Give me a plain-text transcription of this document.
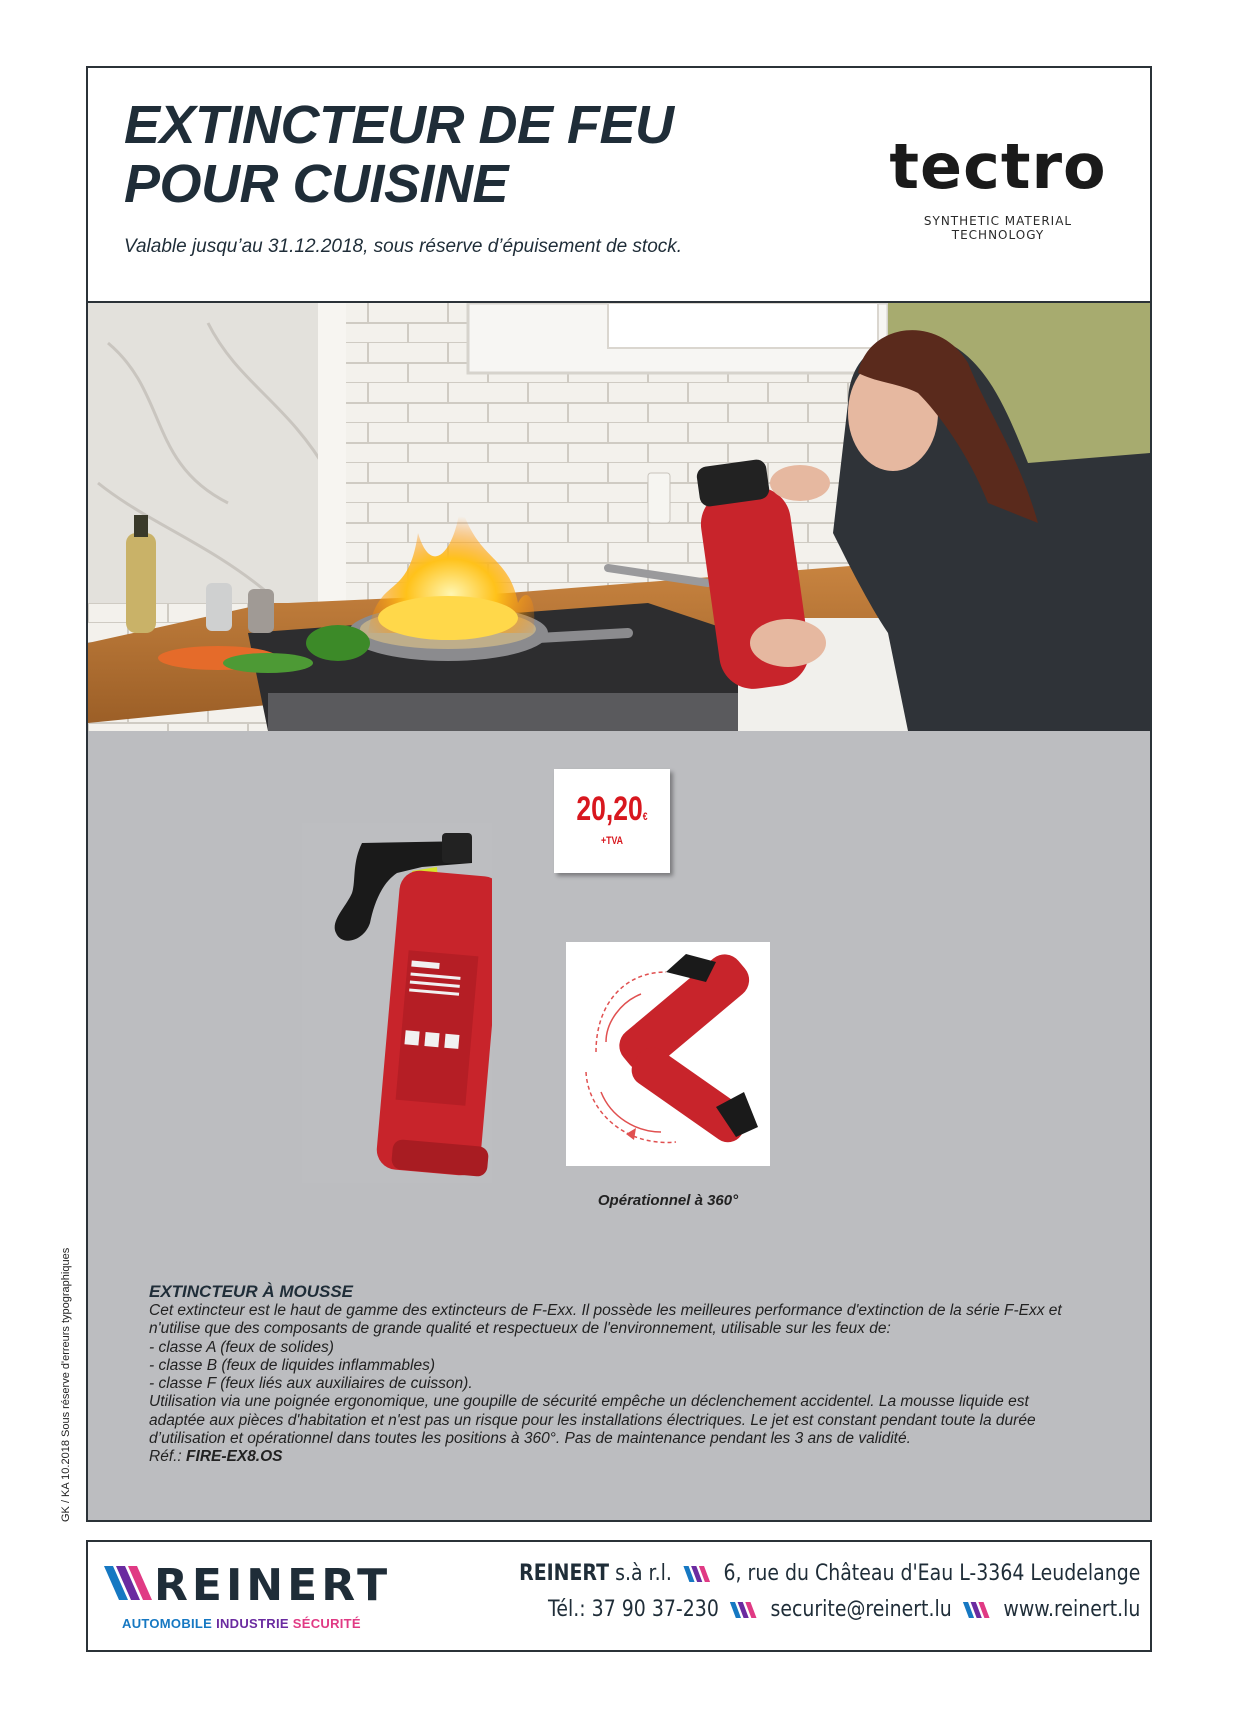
EXTINCTEUR DE FEU
POUR CUISINE
Valable jusqu’au 31.12.2018, sous réserve d’épuisement de stock.
tectro
SYNTHETIC MATERIAL TECHNOLOGY
20,20€
+TVA
Opérationnel à 360°
EXTINCTEUR À MOUSSE

Cet extincteur est le haut de gamme des extincteurs de F-Exx. Il possède les meilleures performance d'extinction de la série F-Exx et n'utilise que des composants de grande qualité et respectueux de l'environnement, utilisable sur les feux de:

- classe A (feux de solides)

- classe B (feux de liquides inflammables)

- classe F (feux liés aux auxiliaires de cuisson).

Utilisation via une poignée ergonomique, une goupille de sécurité empêche un déclenchement accidentel. La mousse liquide est adaptée aux pièces d'habitation et n'est pas un risque pour les installations électriques. Le jet est constant pendant toute la durée d’utilisation et opérationnel dans toutes les positions à 360°. Pas de maintenance pendant les 3 ans de validité.

Réf.: FIRE-EX8.OS

GK / KA 10.2018 Sous réserve d'erreurs typographiques
REINERT
AUTOMOBILE INDUSTRIE SÉCURITÉ
REINERT s.à r.l. 6, rue du Château d'Eau L-3364 Leudelange
Tél.: 37 90 37-230 securite@reinert.lu www.reinert.lu
